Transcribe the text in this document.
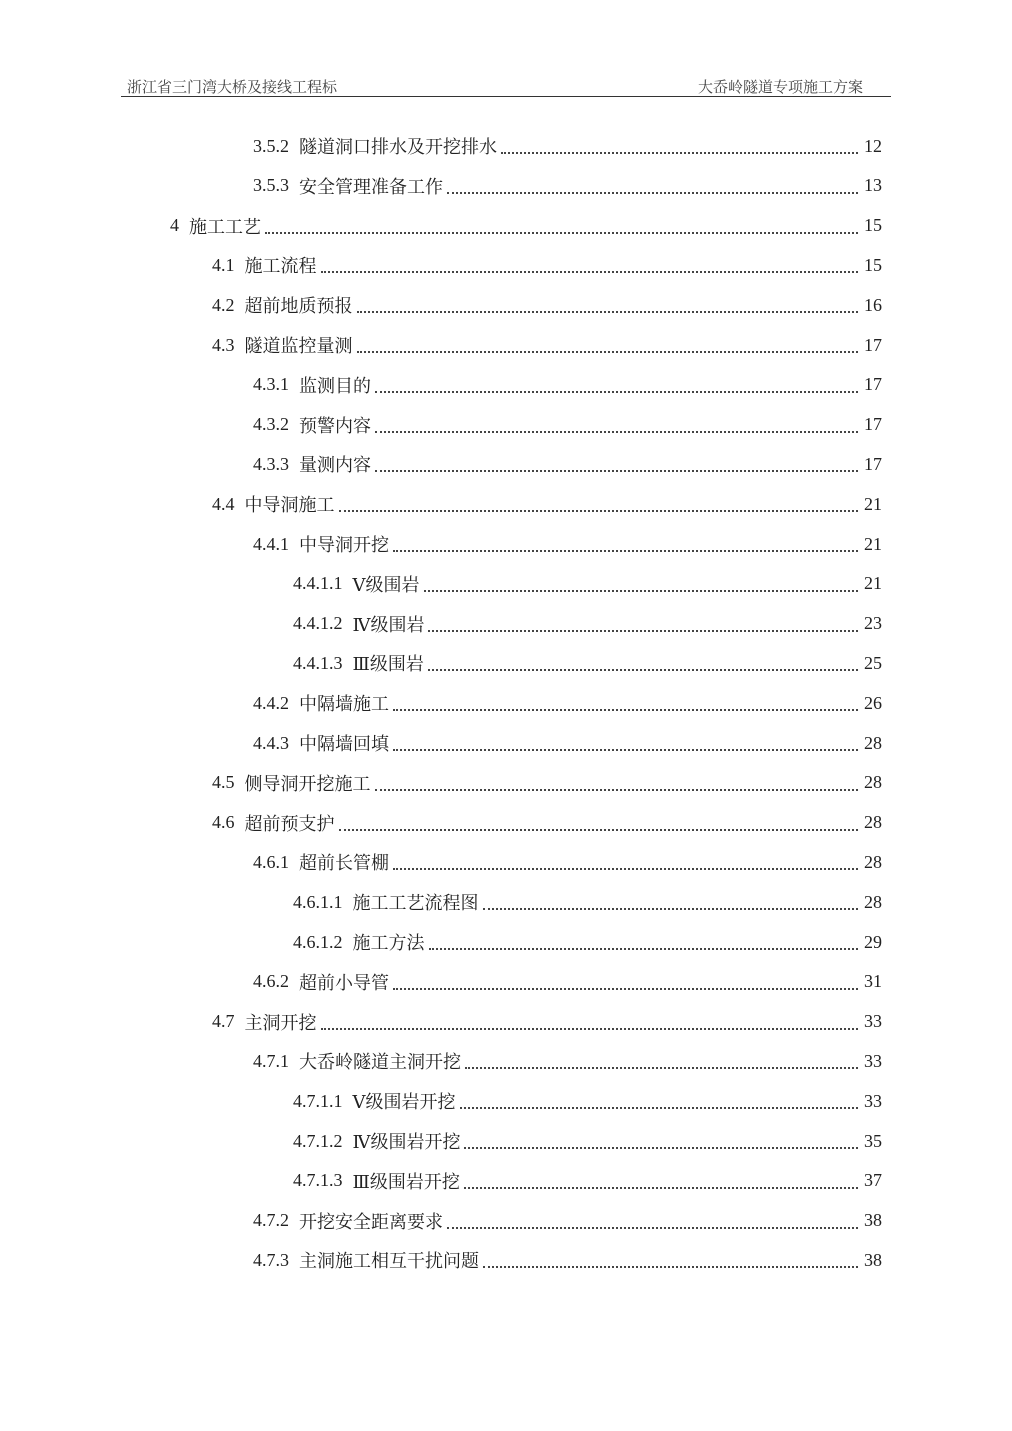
浙江省三门湾大桥及接线工程标	大岙岭隧道专项施工方案
3.5.2 隧道洞口排水及开挖排水	12
3.5.3 安全管理准备工作	13
4 施工工艺	15
4.1 施工流程	15
4.2 超前地质预报	16
4.3 隧道监控量测	17
4.3.1 监测目的	17
4.3.2 预警内容	17
4.3.3 量测内容	17
4.4 中导洞施工	21
4.4.1 中导洞开挖	21
4.4.1.1 Ⅴ级围岩	21
4.4.1.2 Ⅳ级围岩	23
4.4.1.3 Ⅲ级围岩	25
4.4.2 中隔墙施工	26
4.4.3 中隔墙回填	28
4.5 侧导洞开挖施工	28
4.6 超前预支护	28
4.6.1 超前长管棚	28
4.6.1.1 施工工艺流程图	28
4.6.1.2 施工方法	29
4.6.2 超前小导管	31
4.7 主洞开挖	33
4.7.1 大岙岭隧道主洞开挖	33
4.7.1.1 Ⅴ级围岩开挖	33
4.7.1.2 Ⅳ级围岩开挖	35
4.7.1.3 Ⅲ级围岩开挖	37
4.7.2 开挖安全距离要求	38
4.7.3 主洞施工相互干扰问题	38
